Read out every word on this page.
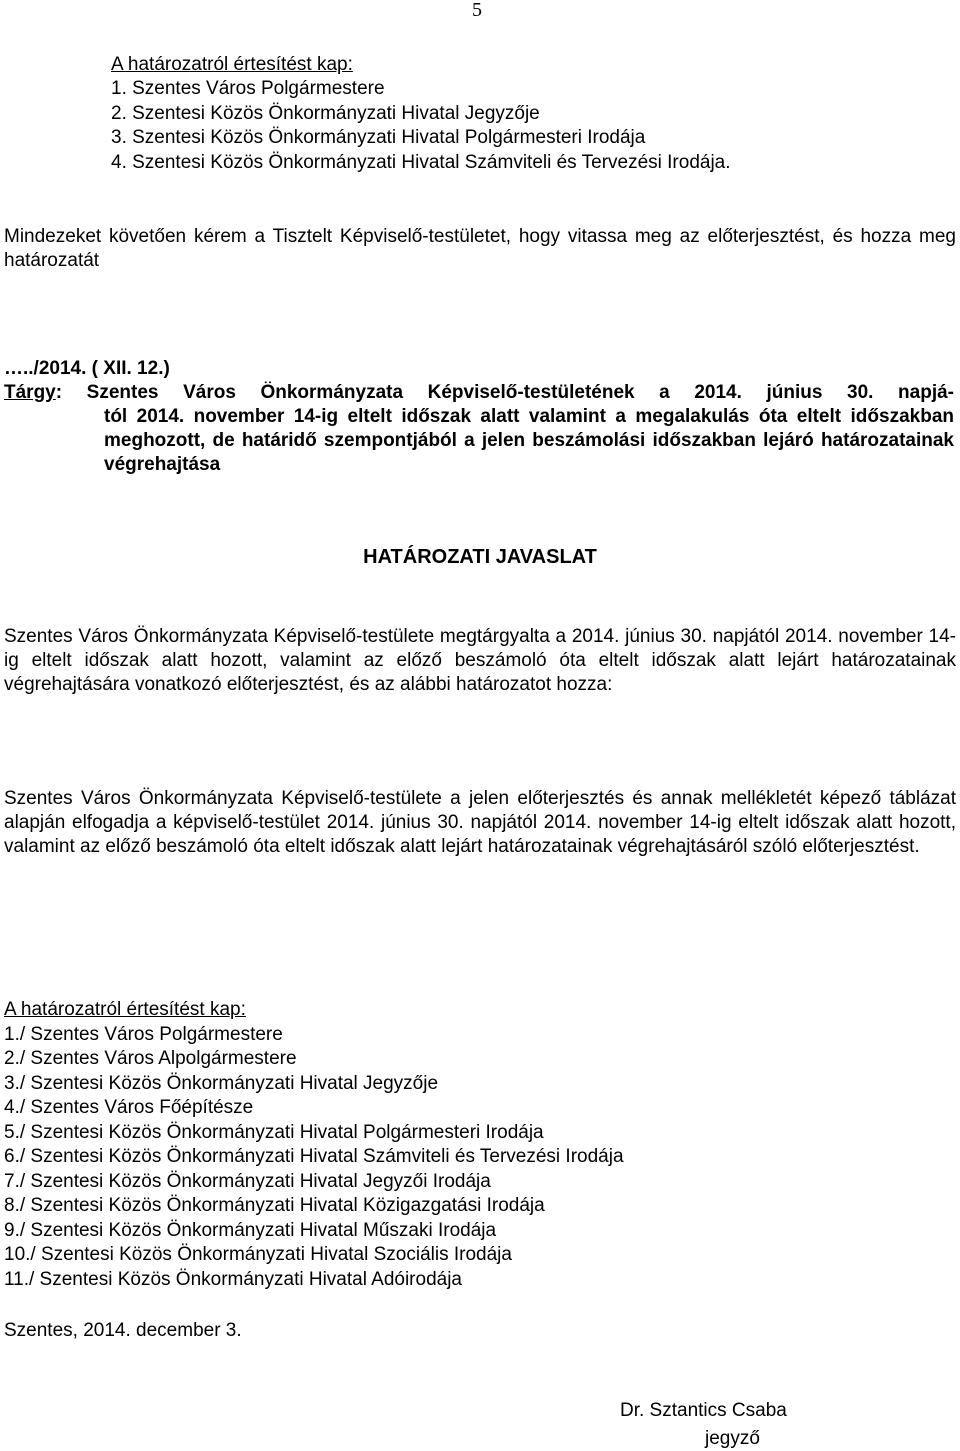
5
A határozatról értesítést kap:
1. Szentes Város Polgármestere
2. Szentesi Közös Önkormányzati Hivatal Jegyzője
3. Szentesi Közös Önkormányzati Hivatal Polgármesteri Irodája
4. Szentesi Közös Önkormányzati Hivatal Számviteli és Tervezési Irodája.
Mindezeket követően kérem a Tisztelt Képviselő-testületet, hogy vitassa meg az előterjesztést, és hozza meg határozatát
…../2014. ( XII. 12.)
Tárgy: Szentes Város Önkormányzata Képviselő-testületének a 2014. június 30. napjá-
tól 2014. november 14-ig eltelt időszak alatt valamint a megalakulás óta eltelt időszakban meghozott, de határidő szempontjából a jelen beszámolási időszakban lejáró határozatainak végrehajtása
HATÁROZATI JAVASLAT
Szentes Város Önkormányzata Képviselő-testülete megtárgyalta a 2014. június 30. napjától 2014. november 14-ig eltelt időszak alatt hozott, valamint az előző beszámoló óta eltelt időszak alatt lejárt határozatainak végrehajtására vonatkozó előterjesztést, és az alábbi határozatot hozza:
Szentes Város Önkormányzata Képviselő-testülete a jelen előterjesztés és annak mellékletét képező táblázat alapján elfogadja a képviselő-testület 2014. június 30. napjától 2014. november 14-ig eltelt időszak alatt hozott, valamint az előző beszámoló óta eltelt időszak alatt lejárt határozatainak végrehajtásáról szóló előterjesztést.
A határozatról értesítést kap:
1./ Szentes Város Polgármestere
2./ Szentes Város Alpolgármestere
3./ Szentesi Közös Önkormányzati Hivatal Jegyzője
4./ Szentes Város Főépítésze
5./ Szentesi Közös Önkormányzati Hivatal Polgármesteri Irodája
6./ Szentesi Közös Önkormányzati Hivatal Számviteli és Tervezési Irodája
7./ Szentesi Közös Önkormányzati Hivatal Jegyzői Irodája
8./ Szentesi Közös Önkormányzati Hivatal Közigazgatási Irodája
9./ Szentesi Közös Önkormányzati Hivatal Műszaki Irodája
10./ Szentesi Közös Önkormányzati Hivatal Szociális Irodája
11./ Szentesi Közös Önkormányzati Hivatal Adóirodája
Szentes, 2014. december 3.
Dr. Sztantics Csaba
jegyző
